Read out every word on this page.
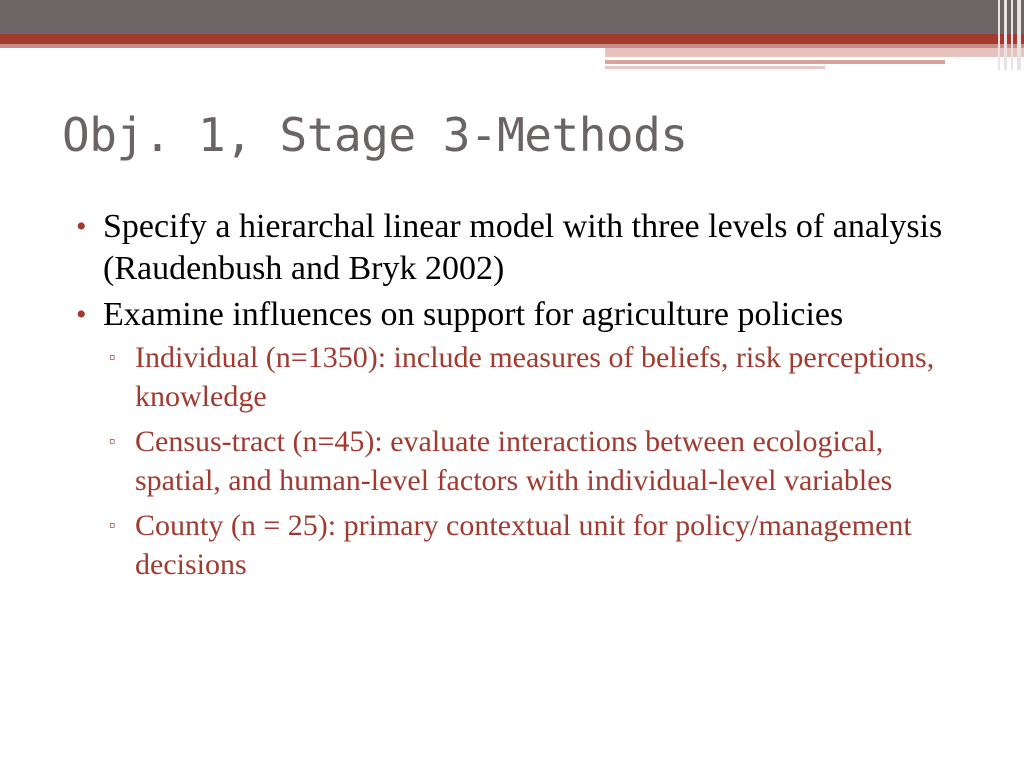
Obj. 1, Stage 3-Methods
• Specify a hierarchal linear model with three levels of analysis (Raudenbush and Bryk 2002)
• Examine influences on support for agriculture policies
▫ Individual (n=1350): include measures of beliefs, risk perceptions, knowledge
▫ Census-tract (n=45): evaluate interactions between ecological, spatial, and human-level factors with individual-level variables
▫ County (n = 25): primary contextual unit for policy/management decisions
